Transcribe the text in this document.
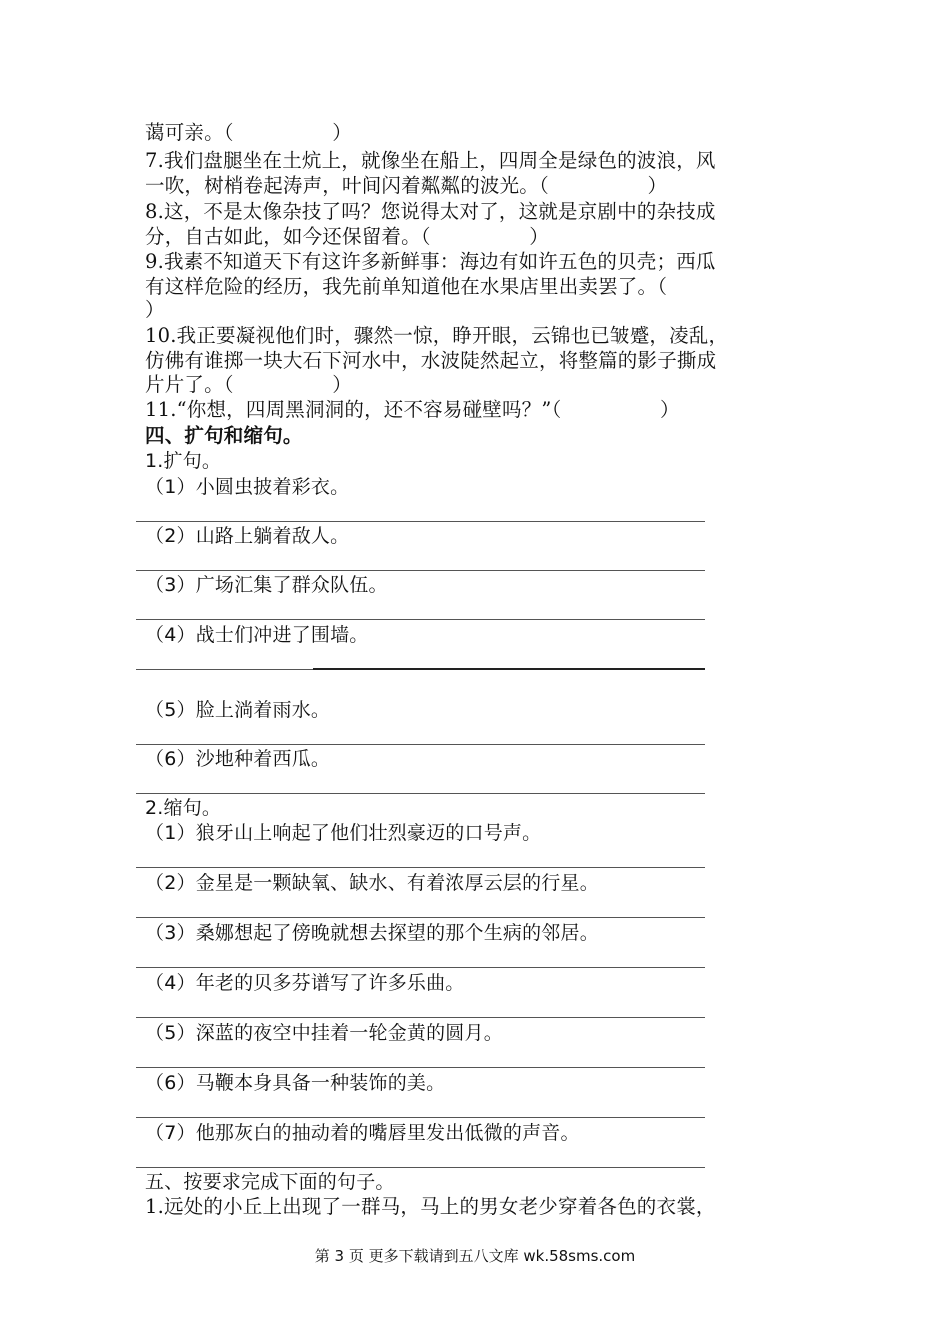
蔼可亲。（　　　　　）
7.我们盘腿坐在土炕上，就像坐在船上，四周全是绿色的波浪，风
一吹，树梢卷起涛声，叶间闪着粼粼的波光。（　　　　　）
8.这，不是太像杂技了吗？您说得太对了，这就是京剧中的杂技成
分，自古如此，如今还保留着。（　　　　　）
9.我素不知道天下有这许多新鲜事：海边有如许五色的贝壳；西瓜
有这样危险的经历，我先前单知道他在水果店里出卖罢了。（
）
10.我正要凝视他们时，骤然一惊，睁开眼，云锦也已皱蹙，凌乱，
仿佛有谁掷一块大石下河水中，水波陡然起立，将整篇的影子撕成
片片了。（　　　　　）
11.“你想，四周黑洞洞的，还不容易碰壁吗？”（　　　　　）
四、扩句和缩句。
1.扩句。
（1）小圆虫披着彩衣。
（2）山路上躺着敌人。
（3）广场汇集了群众队伍。
（4）战士们冲进了围墙。
（5）脸上淌着雨水。
（6）沙地种着西瓜。
2.缩句。
（1）狼牙山上响起了他们壮烈豪迈的口号声。
（2）金星是一颗缺氧、缺水、有着浓厚云层的行星。
（3）桑娜想起了傍晚就想去探望的那个生病的邻居。
（4）年老的贝多芬谱写了许多乐曲。
（5）深蓝的夜空中挂着一轮金黄的圆月。
（6）马鞭本身具备一种装饰的美。
（7）他那灰白的抽动着的嘴唇里发出低微的声音。
五、按要求完成下面的句子。
1.远处的小丘上出现了一群马，马上的男女老少穿着各色的衣裳，
第 3 页 更多下载请到五八文库 wk.58sms.com
